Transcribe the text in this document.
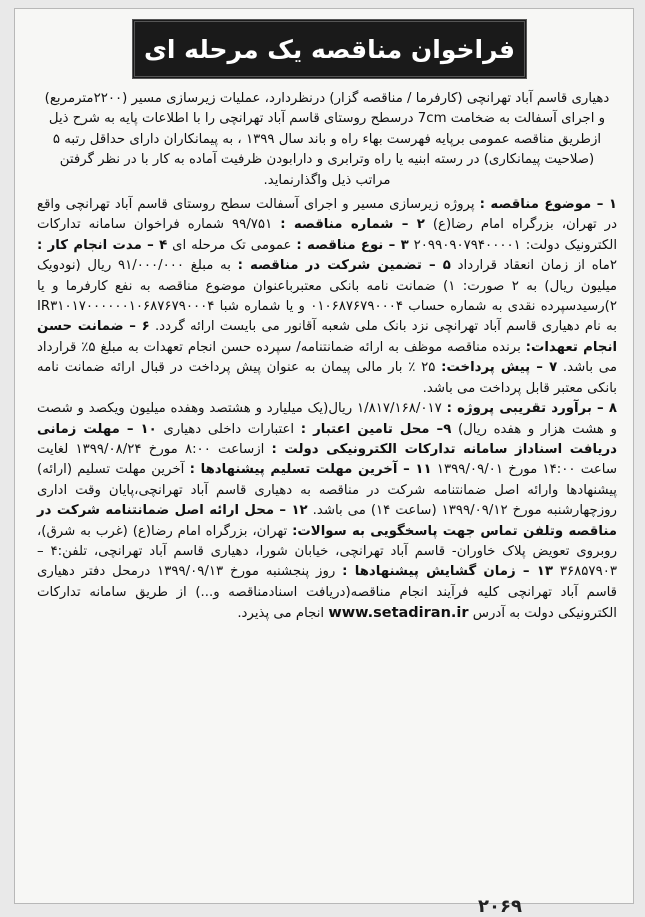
فراخوان مناقصه یک مرحله ای

دهیاری قاسم آباد تهرانچی (کارفرما / مناقصه گزار) درنظردارد، عملیات زیرسازی مسیر (۲۲۰۰مترمربع) و اجرای آسفالت به ضخامت 7cm درسطح روستای قاسم آباد تهرانچی را با اطلاعات پایه به شرح ذیل ازطریق مناقصه عمومی برپایه فهرست بهاء راه و باند سال ۱۳۹۹ ، به پیمانکاران دارای حداقل رتبه ۵ (صلاحیت پیمانکاری) در رسته ابنیه یا راه وترابری و دارابودن ظرفیت آماده به کار با در نظر گرفتن مراتب ذیل واگذارنماید.

۱ – موضوع مناقصه : پروژه زیرسازی مسیر و اجرای آسفالت سطح روستای قاسم آباد تهرانچی واقع در تهران، بزرگراه امام رضا(ع) ۲ – شماره مناقصه : ۹۹/۷۵۱ شماره فراخوان سامانه تدارکات الکترونیک دولت: ۲۰۹۹۰۹۰۷۹۴۰۰۰۰۱ ۳ – نوع مناقصه : عمومی تک مرحله ای ۴ – مدت انجام کار : ۲ماه از زمان انعقاد قرارداد ۵ – تضمین شرکت در مناقصه : به مبلغ ۹۱/۰۰۰/۰۰۰ ریال (نودویک میلیون ریال) به ۲ صورت: ۱) ضمانت نامه بانکی معتبرباعنوان موضوع مناقصه به نفع کارفرما و یا ۲)رسیدسپرده نقدی به شماره حساب ۰۱۰۶۸۷۶۷۹۰۰۰۴ و یا شماره شبا IR۳۱۰۱۷۰۰۰۰۰۰۱۰۶۸۷۶۷۹۰۰۰۴ به نام دهیاری قاسم آباد تهرانچی نزد بانک ملی شعبه آقانور می بایست ارائه گردد. ۶ – ضمانت حسن انجام تعهدات: برنده مناقصه موظف به ارائه ضمانتنامه/ سپرده حسن انجام تعهدات به مبلغ ۵٪ قرارداد می باشد. ۷ – پیش پرداخت: ۲۵ ٪ بار مالی پیمان به عنوان پیش پرداخت در قبال ارائه ضمانت نامه بانکی معتبر قابل پرداخت می باشد.

۸ – برآورد تقریبی پروژه : ۱/۸۱۷/۱۶۸/۰۱۷ ریال(یک میلیارد و هشتصد وهفده میلیون ویکصد و شصت و هشت هزار و هفده ریال) ۹– محل تامین اعتبار : اعتبارات داخلی دهیاری ۱۰ – مهلت زمانی دریافت اسناداز سامانه تدارکات الکترونیکی دولت : ازساعت ۸:۰۰ مورخ ۱۳۹۹/۰۸/۲۴ لغایت ساعت ۱۴:۰۰ مورخ ۱۳۹۹/۰۹/۰۱ ۱۱ – آخرین مهلت تسلیم پیشنهادها : آخرین مهلت تسلیم (ارائه) پیشنهادها وارائه اصل ضمانتنامه شرکت در مناقصه به دهیاری قاسم آباد تهرانچی،پایان وقت اداری روزچهارشنبه مورخ ۱۳۹۹/۰۹/۱۲ (ساعت ۱۴) می باشد. ۱۲ – محل ارائه اصل ضمانتنامه شرکت در مناقصه وتلفن تماس جهت پاسخگویی به سوالات: تهران، بزرگراه امام رضا(ع) (غرب به شرق)، روبروی تعویض پلاک خاوران- قاسم آباد تهرانچی، خیابان شورا، دهیاری قاسم آباد تهرانچی، تلفن:۴ – ۳۶۸۵۷۹۰۳ ۱۳ – زمان گشایش پیشنهادها : روز پنجشنبه مورخ ۱۳۹۹/۰۹/۱۳ درمحل دفتر دهیاری قاسم آباد تهرانچی کلیه فرآیند انجام مناقصه(دریافت اسنادمناقصه و...) از طریق سامانه تدارکات الکترونیکی دولت به آدرس www.setadiran.ir انجام می پذیرد.

۲۰۶۹
